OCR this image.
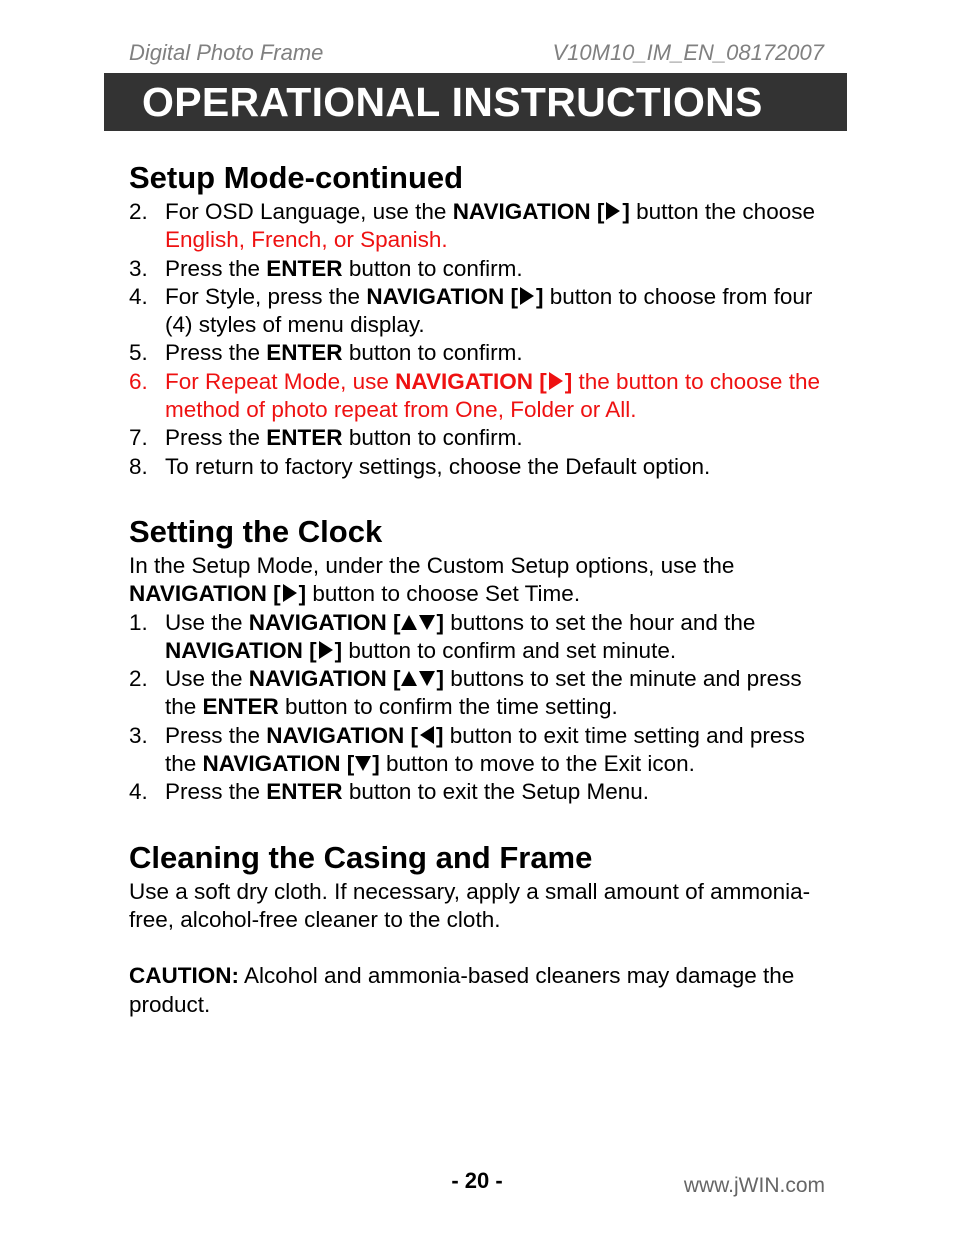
Digital Photo Frame	V10M10_IM_EN_08172007
OPERATIONAL INSTRUCTIONS
Setup Mode-continued
2. For OSD Language, use the NAVIGATION [ ] button the choose English, French, or Spanish.
3. Press the ENTER button to confirm.
4. For Style, press the NAVIGATION [ ] button to choose from four (4) styles of menu display.
5. Press the ENTER button to confirm.
6. For Repeat Mode, use NAVIGATION [ ] the button to choose the method of photo repeat from One, Folder or All.
7. Press the ENTER button to confirm.
8. To return to factory settings, choose the Default option.
Setting the Clock

In the Setup Mode, under the Custom Setup options, use the NAVIGATION [ ] button to choose Set Time.

1. Use the NAVIGATION [ ] buttons to set the hour and the NAVIGATION [ ] button to confirm and set minute.
2. Use the NAVIGATION [ ] buttons to set the minute and press the ENTER button to confirm the time setting.
3. Press the NAVIGATION [ ] button to exit time setting and press the NAVIGATION [ ] button to move to the Exit icon.
4. Press the ENTER button to exit the Setup Menu.
Cleaning the Casing and Frame

Use a soft dry cloth. If necessary, apply a small amount of ammonia-free, alcohol-free cleaner to the cloth.

CAUTION: Alcohol and ammonia-based cleaners may damage the product.

- 20 -	www.jWIN.com
